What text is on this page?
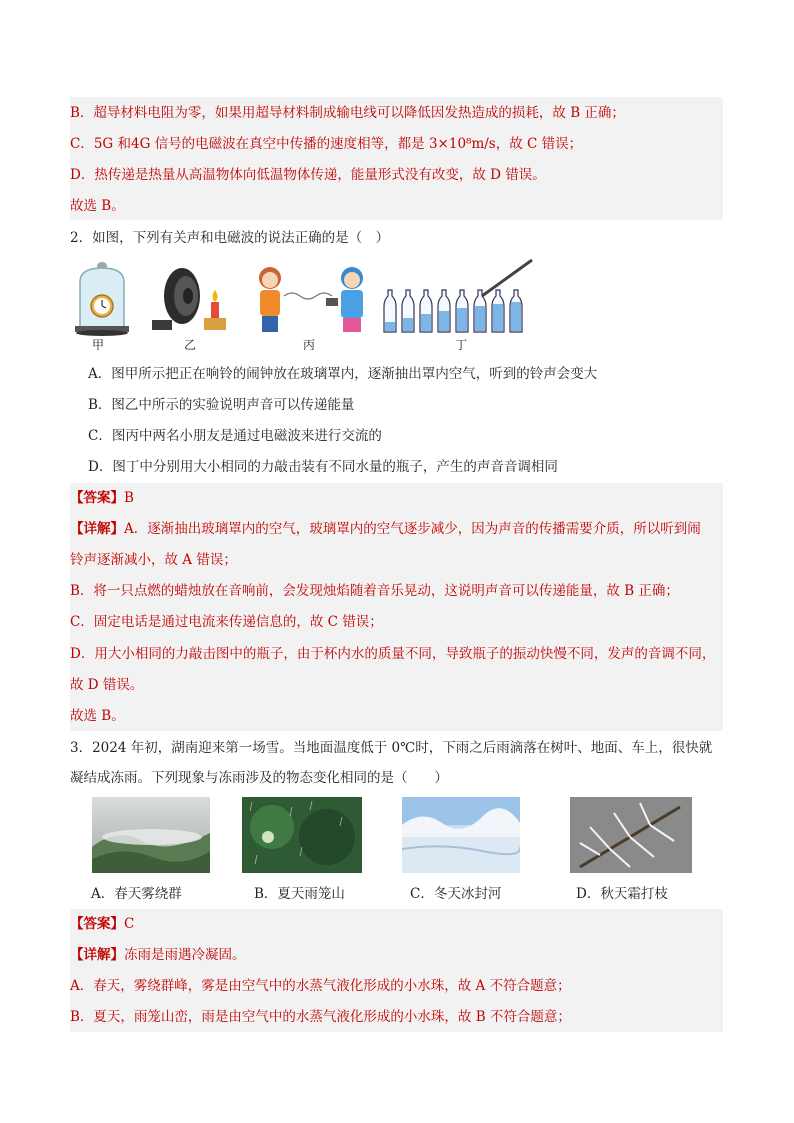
B．超导材料电阻为零，如果用超导材料制成输电线可以降低因发热造成的损耗，故 B 正确；
C．5G 和4G 信号的电磁波在真空中传播的速度相等，都是 3×10⁸m/s，故 C 错误；
D．热传递是热量从高温物体向低温物体传递，能量形式没有改变，故 D 错误。
故选 B。
2．如图，下列有关声和电磁波的说法正确的是（　）
甲	乙	丙	丁
A．图甲所示把正在响铃的闹钟放在玻璃罩内，逐渐抽出罩内空气，听到的铃声会变大
B．图乙中所示的实验说明声音可以传递能量
C．图丙中两名小朋友是通过电磁波来进行交流的
D．图丁中分别用大小相同的力敲击装有不同水量的瓶子，产生的声音音调相同
【答案】B
【详解】A．逐渐抽出玻璃罩内的空气，玻璃罩内的空气逐步减少，因为声音的传播需要介质，所以听到闹
铃声逐渐减小，故 A 错误；
B．将一只点燃的蜡烛放在音响前，会发现烛焰随着音乐晃动，这说明声音可以传递能量，故 B 正确；
C．固定电话是通过电流来传递信息的，故 C 错误；
D．用大小相同的力敲击图中的瓶子，由于杯内水的质量不同，导致瓶子的振动快慢不同，发声的音调不同，
故 D 错误。
故选 B。
3．2024 年初，湖南迎来第一场雪。当地面温度低于 0℃时，下雨之后雨滴落在树叶、地面、车上，很快就
凝结成冻雨。下列现象与冻雨涉及的物态变化相同的是（　　）
A．春天雾绕群	B．夏天雨笼山	C．冬天冰封河	D．秋天霜打枝
【答案】C
【详解】冻雨是雨遇冷凝固。
A．春天，雾绕群峰，雾是由空气中的水蒸气液化形成的小水珠，故 A 不符合题意；
B．夏天，雨笼山峦，雨是由空气中的水蒸气液化形成的小水珠，故 B 不符合题意；
